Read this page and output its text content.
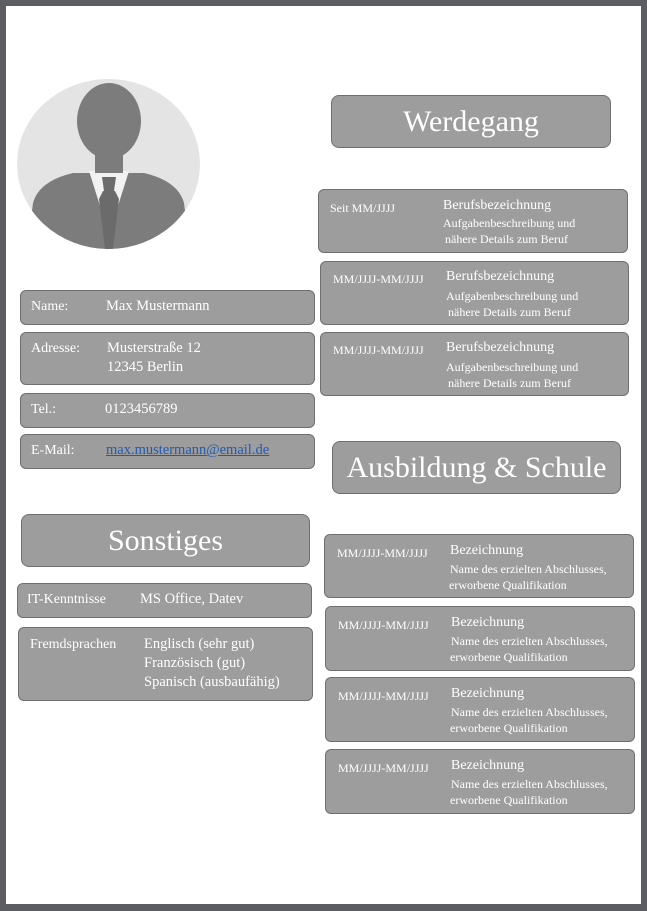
Name:	Max Mustermann
Adresse: Musterstraße 12
12345 Berlin
Tel.:	0123456789
E-Mail: max.mustermann@email.de
Sonstiges
IT-Kenntnisse MS Office, Datev
Fremdsprachen Englisch (sehr gut)
Französisch (gut)
Spanisch (ausbaufähig)
Werdegang
Seit MM/JJJJ	Berufsbezeichnung
Aufgabenbeschreibung und
nähere Details zum Beruf
MM/JJJJ-MM/JJJJ Berufsbezeichnung
Aufgabenbeschreibung und
nähere Details zum Beruf
MM/JJJJ-MM/JJJJ Berufsbezeichnung
Aufgabenbeschreibung und
nähere Details zum Beruf
Ausbildung & Schule
MM/JJJJ-MM/JJJJ Bezeichnung
Name des erzielten Abschlusses,
erworbene Qualifikation
MM/JJJJ-MM/JJJJ Bezeichnung
Name des erzielten Abschlusses,
erworbene Qualifikation
MM/JJJJ-MM/JJJJ Bezeichnung
Name des erzielten Abschlusses,
erworbene Qualifikation
MM/JJJJ-MM/JJJJ Bezeichnung
Name des erzielten Abschlusses,
erworbene Qualifikation
